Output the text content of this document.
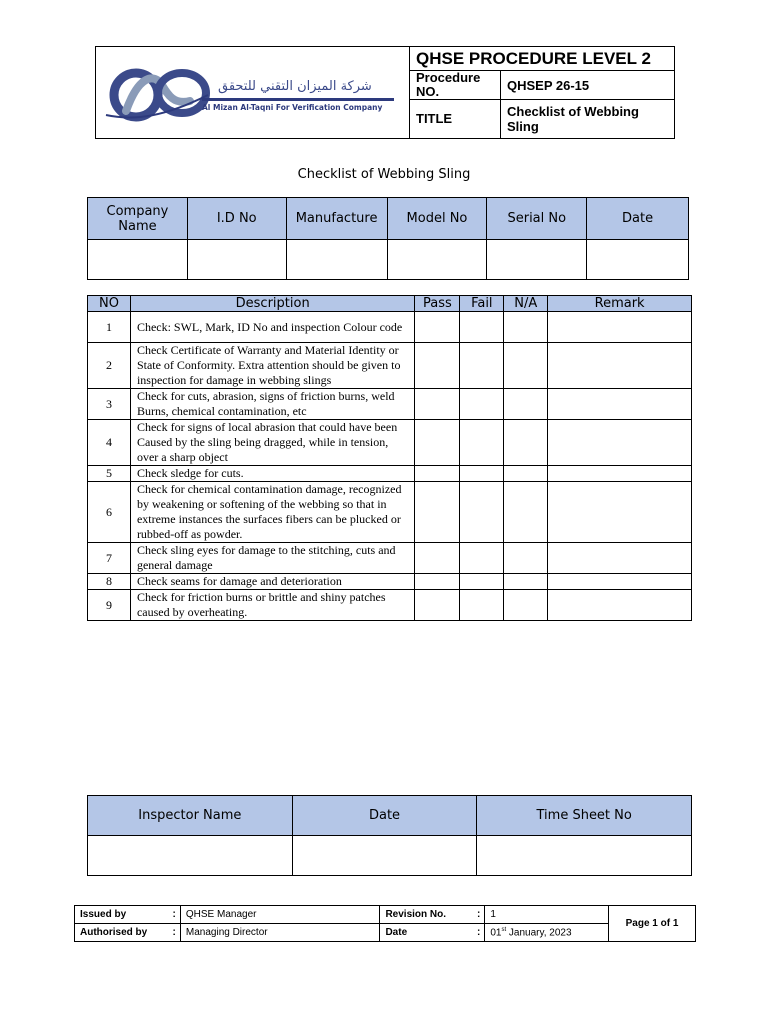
شركة الميزان التقني للتحقق
Al Mizan Al-Taqni For Verification Company
QHSE PROCEDURE LEVEL 2
Procedure NO.	QHSEP 26-15
TITLE	Checklist of Webbing Sling
Checklist of Webbing Sling
Company Name	I.D No	Manufacture	Model No	Serial No	Date

NO	Description	Pass	Fail	N/A	Remark
1	Check: SWL, Mark, ID No and inspection Colour code				
2	Check Certificate of Warranty and Material Identity or State of Conformity. Extra attention should be given to inspection for damage in webbing slings				
3	Check for cuts, abrasion, signs of friction burns, weld Burns, chemical contamination, etc				
4	Check for signs of local abrasion that could have been Caused by the sling being dragged, while in tension, over a sharp object				
5	Check sledge for cuts.				
6	Check for chemical contamination damage, recognized by weakening or softening of the webbing so that in extreme instances the surfaces fibers can be plucked or rubbed-off as powder.				
7	Check sling eyes for damage to the stitching, cuts and general damage				
8	Check seams for damage and deterioration				
9	Check for friction burns or brittle and shiny patches caused by overheating.				
Inspector Name	Date	Time Sheet No

Issued by	:	QHSE Manager	Revision No.	:	1	Page 1 of 1
Authorised by	:	Managing Director	Date	:	01st January, 2023	
